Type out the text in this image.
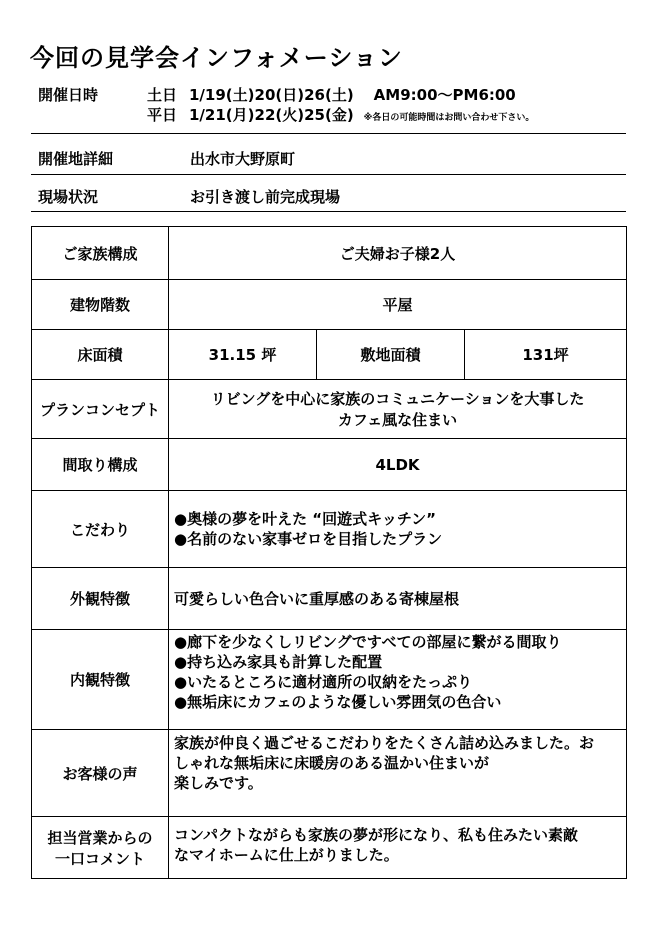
今回の見学会インフォメーション
開催日時	土日 1/19(土)20(日)26(土) AM9:00～PM6:00
平日 1/21(月)22(火)25(金) ※各日の可能時間はお問い合わせ下さい。
開催地詳細	出水市大野原町
現場状況	お引き渡し前完成現場
ご家族構成	ご夫婦お子様2人		
建物階数	平屋		
床面積	31.15 坪	敷地面積	131坪
プランコンセプト	リビングを中心に家族のコミュニケーションを大事した
カフェ風な住まい		

間取り構成	4LDK		
こだわり	●奥様の夢を叶えた “回遊式キッチン”
●名前のない家事ゼロを目指したプラン		

外観特徴	可愛らしい色合いに重厚感のある寄棟屋根		
内観特徴	●廊下を少なくしリビングですべての部屋に繋がる間取り
●持ち込み家具も計算した配置
●いたるところに適材適所の収納をたっぷり
●無垢床にカフェのような優しい雰囲気の色合い		

お客様の声	家族が仲良く過ごせるこだわりをたくさん詰め込みました。お
しゃれな無垢床に床暖房のある温かい住まいが
楽しみです。		

担当営業からの
一口コメント	コンパクトながらも家族の夢が形になり、私も住みたい素敵
なマイホームに仕上がりました。		
